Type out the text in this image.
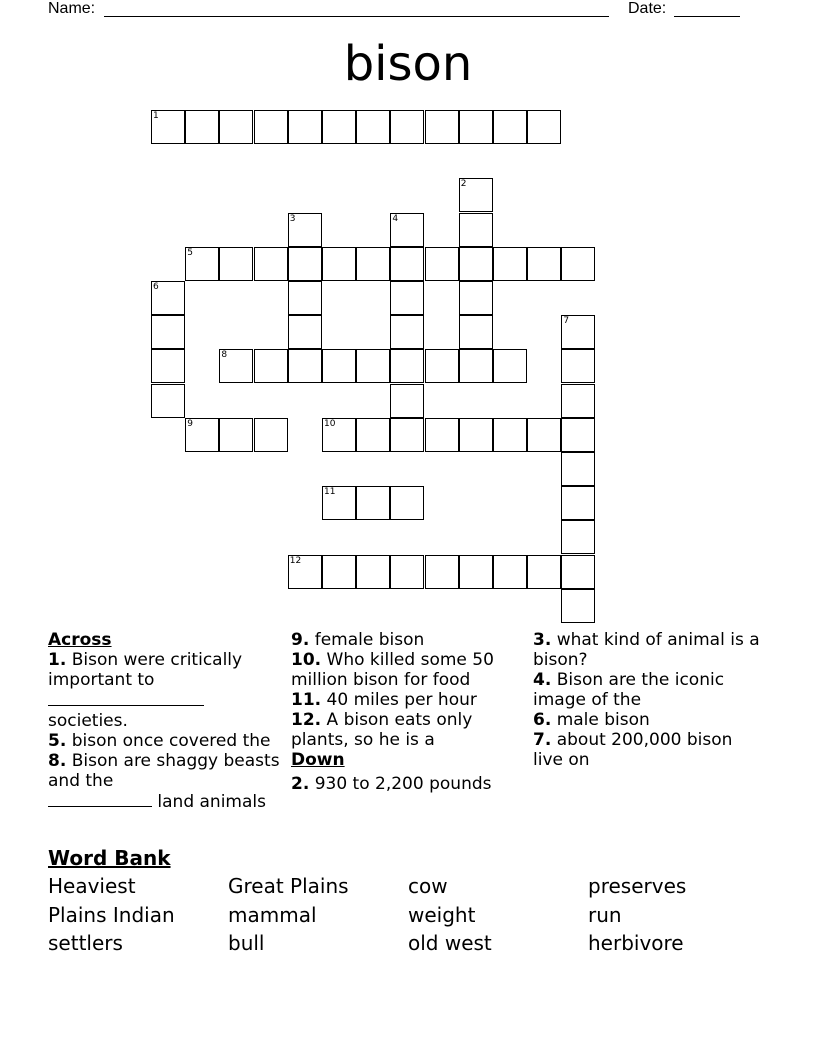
Name:	Date:
bison
1
2
3	4
5
6
7
8
9	10
11
12
Across
1. Bison were critically important to

societies.
5. bison once covered the
8. Bison are shaggy beasts and the
land animals
9. female bison
10. Who killed some 50 million bison for food
11. 40 miles per hour
12. A bison eats only plants, so he is a
Down
2. 930 to 2,200 pounds
3. what kind of animal is a bison?
4. Bison are the iconic image of the
6. male bison
7. about 200,000 bison live on
Word Bank
Heaviest	Great Plains	cow	preserves
Plains Indian	mammal	weight	run
settlers	bull	old west	herbivore
